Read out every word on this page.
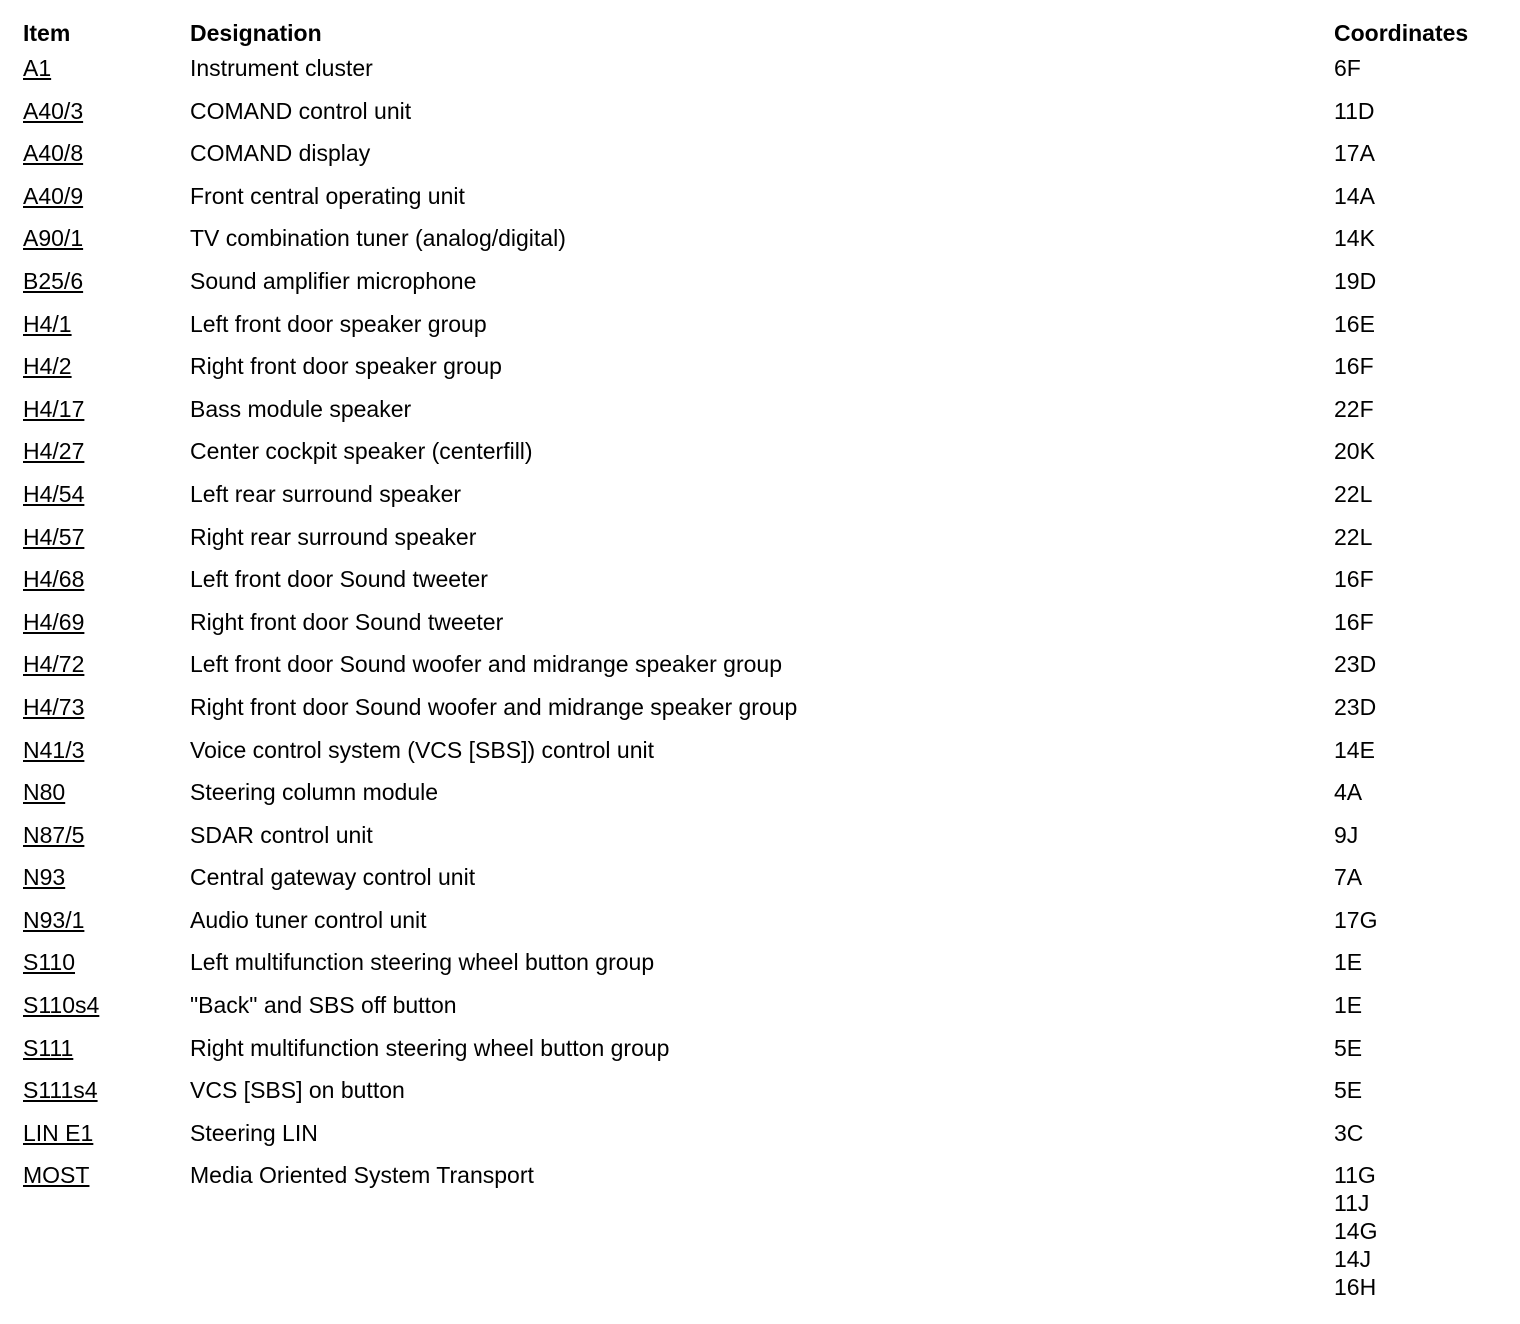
Item	Designation	Coordinates
A1	Instrument cluster	6F

A40/3	COMAND control unit	11D

A40/8	COMAND display	17A

A40/9	Front central operating unit	14A

A90/1	TV combination tuner (analog/digital)	14K

B25/6	Sound amplifier microphone	19D

H4/1	Left front door speaker group	16E

H4/2	Right front door speaker group	16F

H4/17	Bass module speaker	22F

H4/27	Center cockpit speaker (centerfill)	20K

H4/54	Left rear surround speaker	22L

H4/57	Right rear surround speaker	22L

H4/68	Left front door Sound tweeter	16F

H4/69	Right front door Sound tweeter	16F

H4/72	Left front door Sound woofer and midrange speaker group	23D

H4/73	Right front door Sound woofer and midrange speaker group	23D

N41/3	Voice control system (VCS [SBS]) control unit	14E

N80	Steering column module	4A

N87/5	SDAR control unit	9J

N93	Central gateway control unit	7A

N93/1	Audio tuner control unit	17G

S110	Left multifunction steering wheel button group	1E

S110s4	"Back" and SBS off button	1E

S111	Right multifunction steering wheel button group	5E

S111s4	VCS [SBS] on button	5E

LIN E1	Steering LIN	3C

MOST	Media Oriented System Transport	11G
11J
14G
14J
16H
